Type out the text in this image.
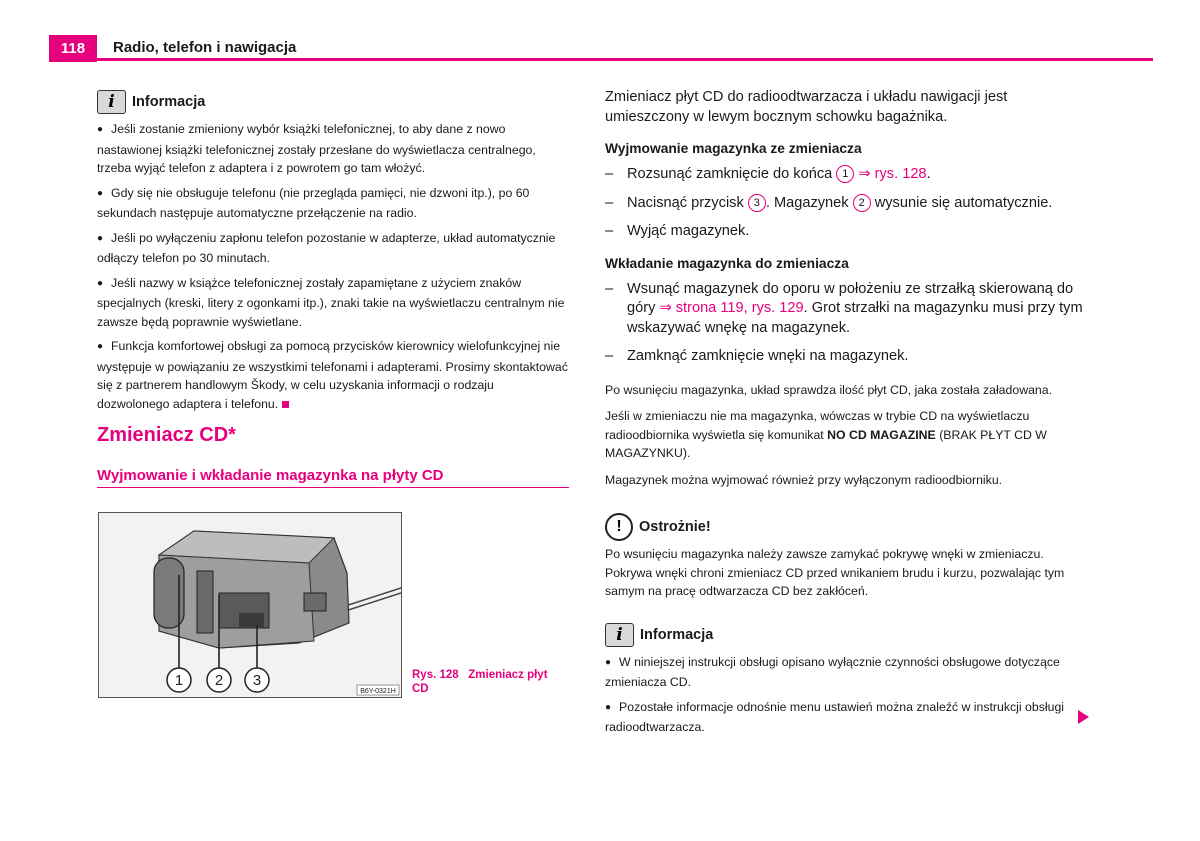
118	Radio, telefon i nawigacja
i	Informacja

● Jeśli zostanie zmieniony wybór książki telefonicznej, to aby dane z nowo nastawionej książki telefonicznej zostały przesłane do wyświetlacza centralnego, trzeba wyjąć telefon z adaptera i z powrotem go tam włożyć.

● Gdy się nie obsługuje telefonu (nie przegląda pamięci, nie dzwoni itp.), po 60 sekundach następuje automatyczne przełączenie na radio.

● Jeśli po wyłączeniu zapłonu telefon pozostanie w adapterze, układ automatycznie odłączy telefon po 30 minutach.

● Jeśli nazwy w książce telefonicznej zostały zapamiętane z użyciem znaków specjalnych (kreski, litery z ogonkami itp.), znaki takie na wyświetlaczu centralnym nie zawsze będą poprawnie wyświetlane.

● Funkcja komfortowej obsługi za pomocą przycisków kierownicy wielofunkcyjnej nie występuje w powiązaniu ze wszystkimi telefonami i adapterami. Prosimy skontaktować się z partnerem handlowym Škody, w celu uzyskania informacji o rodzaju dozwolonego adaptera i telefonu.

Zmieniacz CD*
Wyjmowanie i wkładanie magazynka na płyty CD
1 2 3
B6Y-0321H
Rys. 128 Zmieniacz płyt CD

Zmieniacz płyt CD do radioodtwarzacza i układu nawigacji jest umieszczony w lewym bocznym schowku bagażnika.

Wyjmowanie magazynka ze zmieniacza
– Rozsunąć zamknięcie do końca 1 ⇒ rys. 128.
– Nacisnąć przycisk 3 . Magazynek 2 wysunie się automatycznie.
– Wyjąć magazynek.
Wkładanie magazynka do zmieniacza
– Wsunąć magazynek do oporu w położeniu ze strzałką skierowaną do góry ⇒ strona 119, rys. 129. Grot strzałki na magazynku musi przy tym wskazywać wnękę na magazynek.
– Zamknąć zamknięcie wnęki na magazynek.

Po wsunięciu magazynka, układ sprawdza ilość płyt CD, jaka została załadowana.

Jeśli w zmieniaczu nie ma magazynka, wówczas w trybie CD na wyświetlaczu radioodbiornika wyświetla się komunikat NO CD MAGAZINE (BRAK PŁYT CD W MAGAZYNKU).

Magazynek można wyjmować również przy wyłączonym radioodbiorniku.

!	Ostrożnie!

Po wsunięciu magazynka należy zawsze zamykać pokrywę wnęki w zmieniaczu. Pokrywa wnęki chroni zmieniacz CD przed wnikaniem brudu i kurzu, pozwalając tym samym na pracę odtwarzacza CD bez zakłóceń.

i	Informacja

● W niniejszej instrukcji obsługi opisano wyłącznie czynności obsługowe dotyczące zmieniacza CD.

● Pozostałe informacje odnośnie menu ustawień można znaleźć w instrukcji obsługi radioodtwarzacza.
